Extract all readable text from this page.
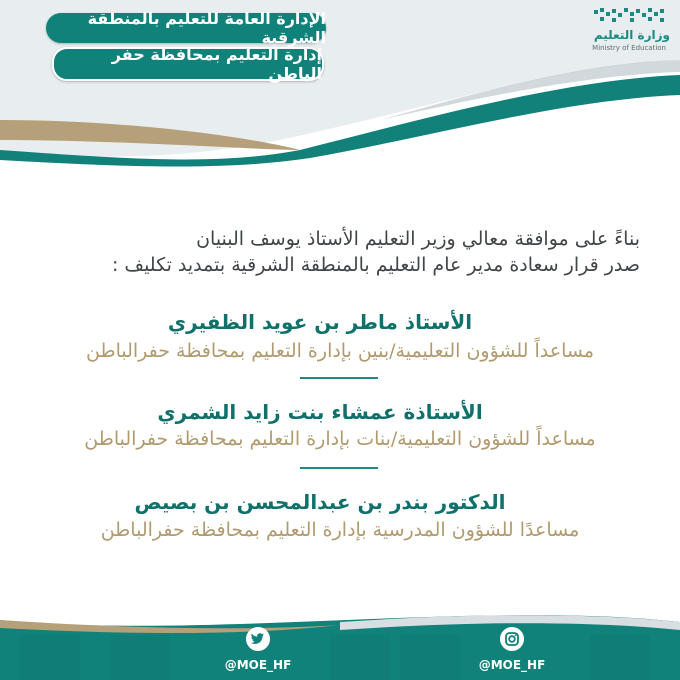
الإدارة العامة للتعليم بالمنطقة الشرقية
إدارة التعليم بمحافظة حفر الباطن
وزارة التعليم
Ministry of Education
بناءً على موافقة معالي وزير التعليم الأستاذ يوسف البنيان
صدر قرار سعادة مدير عام التعليم بالمنطقة الشرقية بتمديد تكليف :
الأستاذ ماطر بن عويد الظفيري
مساعداً للشؤون التعليمية/بنين بإدارة التعليم بمحافظة حفرالباطن
الأستاذة عمشاء بنت زايد الشمري
مساعداً للشؤون التعليمية/بنات بإدارة التعليم بمحافظة حفرالباطن
الدكتور بندر بن عبدالمحسن بن بصيص
مساعدًا للشؤون المدرسية بإدارة التعليم بمحافظة حفرالباطن
@MOE_HF	@MOE_HF
